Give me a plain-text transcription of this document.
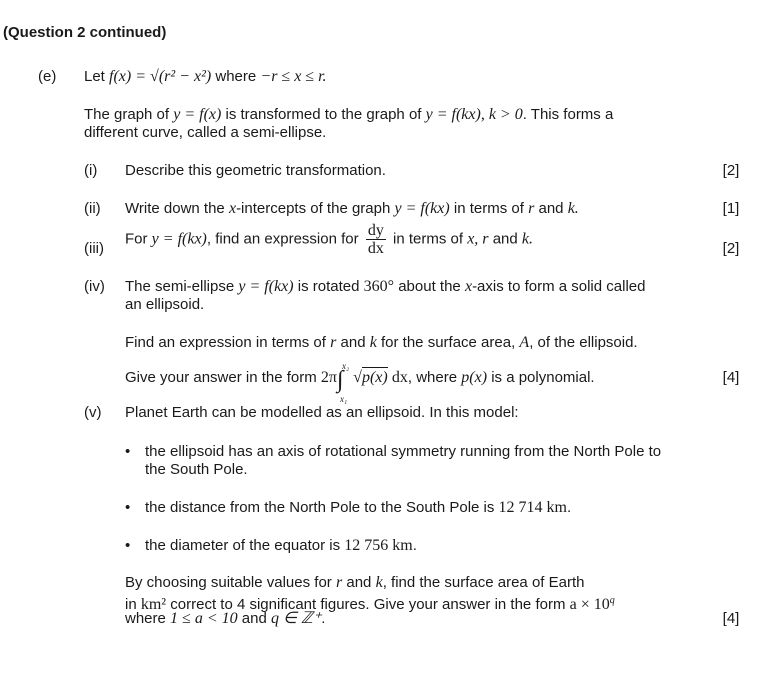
(Question 2 continued)
(e) Let f(x) = √(r² − x²) where −r ≤ x ≤ r.
The graph of y = f(x) is transformed to the graph of y = f(kx), k > 0. This forms a
different curve, called a semi-ellipse.
(i) Describe this geometric transformation.	[2]
(ii) Write down the x-intercepts of the graph y = f(kx) in terms of r and k.	[1]
(iii)
For y = f(kx), find an expression for $\frac{dy}{dx}$ in terms of x, r and k.
[2]
(iv) The semi-ellipse y = f(kx) is rotated 360° about the x-axis to form a solid called
an ellipsoid.
Find an expression in terms of r and k for the surface area, A, of the ellipsoid.
Give your answer in the form 2π∫
x₂
x₁
√p(x) dx, where p(x) is a polynomial.	[4]
(v) Planet Earth can be modelled as an ellipsoid. In this model:
• the ellipsoid has an axis of rotational symmetry running from the North Pole to
the South Pole.
• the distance from the North Pole to the South Pole is 12 714 km.
• the diameter of the equator is 12 756 km.
By choosing suitable values for r and k, find the surface area of Earth
in km² correct to 4 significant figures. Give your answer in the form $a \times 10^q$
where 1 ≤ a < 10 and q ∈ ℤ⁺.	[4]
